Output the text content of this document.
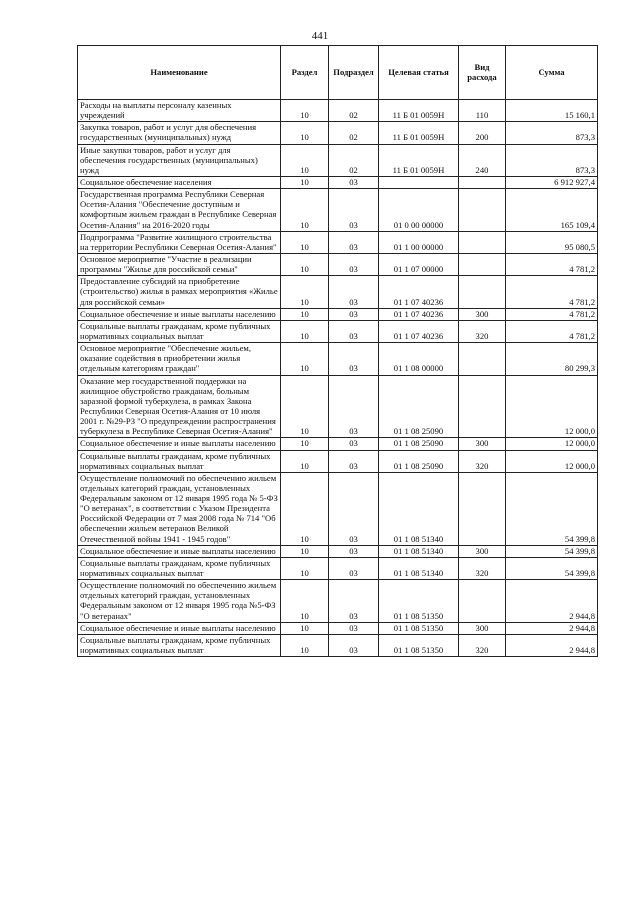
441
Наименование	Раздел	Подраздел	Целевая статья	Вид расхода	Сумма
Расходы на выплаты персоналу казенных учреждений	10	02	11 Б 01 0059Н	110	15 160,1
Закупка товаров, работ и услуг для обеспечения государственных (муниципальных) нужд	10	02	11 Б 01 0059Н	200	873,3
Иные закупки товаров, работ и услуг для обеспечения государственных (муниципальных) нужд	10	02	11 Б 01 0059Н	240	873,3
Социальное обеспечение населения	10	03			6 912 927,4
Государственная программа Республики Северная Осетия-Алания "Обеспечение доступным и комфортным жильем граждан в Республике Северная Осетия-Алания" на 2016-2020 годы	10	03	01 0 00 00000		165 109,4
Подпрограмма "Развитие жилищного строительства на территории Республики Северная Осетия-Алания"	10	03	01 1 00 00000		95 080,5
Основное мероприятие "Участие в реализации программы "Жилье для российской семьи"	10	03	01 1 07 00000		4 781,2
Предоставление субсидий на приобретение (строительство) жилья в рамках мероприятия «Жилье для российской семьи»	10	03	01 1 07 40236		4 781,2
Социальное обеспечение и иные выплаты населению	10	03	01 1 07 40236	300	4 781,2
Социальные выплаты гражданам, кроме публичных нормативных социальных выплат	10	03	01 1 07 40236	320	4 781,2
Основное мероприятие "Обеспечение жильем, оказание содействия в приобретении жилья отдельным категориям граждан"	10	03	01 1 08 00000		80 299,3
Оказание мер государственной поддержки на жилищное обустройство гражданам, больным заразной формой туберкулеза, в рамках Закона Республики Северная Осетия-Алания от 10 июля 2001 г. №29-РЗ "О предупреждении распространения туберкулеза в Республике Северная Осетия-Алания"	10	03	01 1 08 25090		12 000,0
Социальное обеспечение и иные выплаты населению	10	03	01 1 08 25090	300	12 000,0
Социальные выплаты гражданам, кроме публичных нормативных социальных выплат	10	03	01 1 08 25090	320	12 000,0
Осуществление полномочий по обеспечению жильем отдельных категорий граждан, установленных Федеральным законом от 12 января 1995 года № 5-ФЗ "О ветеранах", в соответствии с Указом Президента Российской Федерации от 7 мая 2008 года № 714 "Об обеспечении жильем ветеранов Великой Отечественной войны 1941 - 1945 годов"	10	03	01 1 08 51340		54 399,8
Социальное обеспечение и иные выплаты населению	10	03	01 1 08 51340	300	54 399,8
Социальные выплаты гражданам, кроме публичных нормативных социальных выплат	10	03	01 1 08 51340	320	54 399,8
Осуществление полномочий по обеспечению жильем отдельных категорий граждан, установленных Федеральным законом от 12 января 1995 года №5-ФЗ "О ветеранах"	10	03	01 1 08 51350		2 944,8
Социальное обеспечение и иные выплаты населению	10	03	01 1 08 51350	300	2 944,8
Социальные выплаты гражданам, кроме публичных нормативных социальных выплат	10	03	01 1 08 51350	320	2 944,8
